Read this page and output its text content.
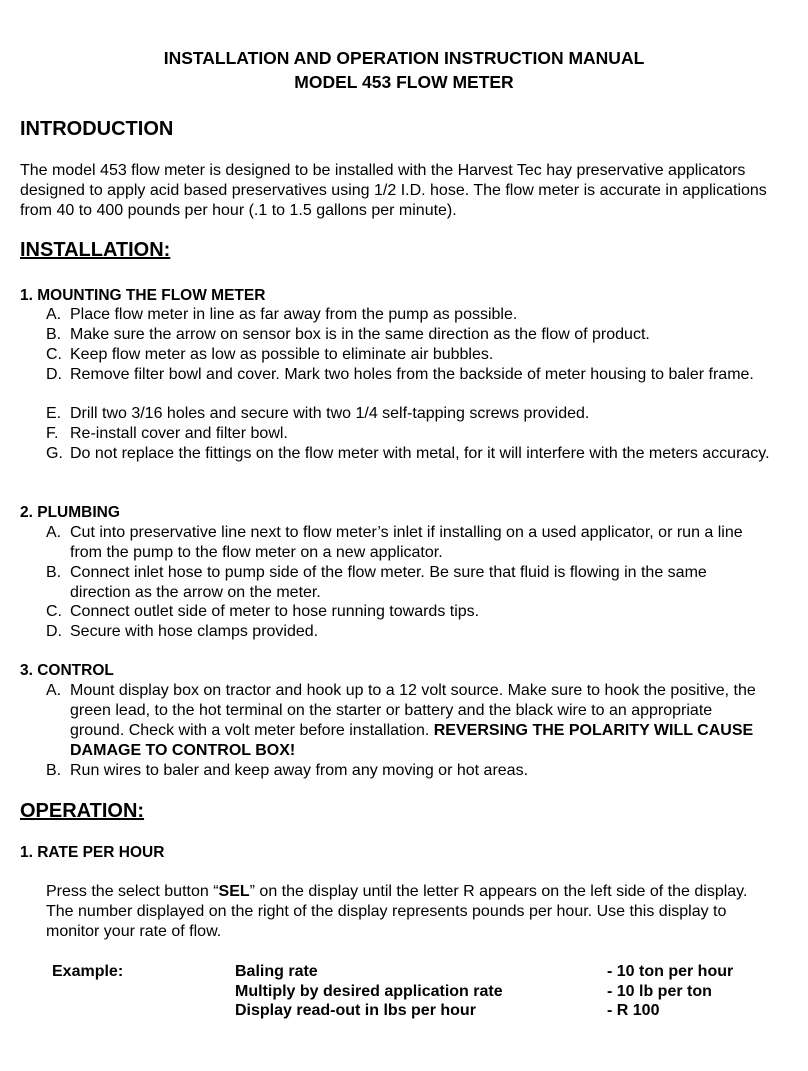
INSTALLATION AND OPERATION INSTRUCTION MANUAL
MODEL 453 FLOW METER
INTRODUCTION
The model 453 flow meter is designed to be installed with the Harvest Tec hay preservative applicators designed to apply acid based preservatives using 1/2 I.D. hose. The flow meter is accurate in applications from 40 to 400 pounds per hour (.1 to 1.5 gallons per minute).
INSTALLATION:
1. MOUNTING THE FLOW METER
A. Place flow meter in line as far away from the pump as possible.
B. Make sure the arrow on sensor box is in the same direction as the flow of product.
C. Keep flow meter as low as possible to eliminate air bubbles.
D. Remove filter bowl and cover. Mark two holes from the backside of meter housing to baler frame.
E. Drill two 3/16 holes and secure with two 1/4 self-tapping screws provided.
F. Re-install cover and filter bowl.
G. Do not replace the fittings on the flow meter with metal, for it will interfere with the meters accuracy.
2. PLUMBING
A. Cut into preservative line next to flow meter’s inlet if installing on a used applicator, or run a line from the pump to the flow meter on a new applicator.
B. Connect inlet hose to pump side of the flow meter. Be sure that fluid is flowing in the same direction as the arrow on the meter.
C. Connect outlet side of meter to hose running towards tips.
D. Secure with hose clamps provided.
3. CONTROL
A. Mount display box on tractor and hook up to a 12 volt source. Make sure to hook the positive, the green lead, to the hot terminal on the starter or battery and the black wire to an appropriate ground. Check with a volt meter before installation. REVERSING THE POLARITY WILL CAUSE DAMAGE TO CONTROL BOX!
B. Run wires to baler and keep away from any moving or hot areas.
OPERATION:
1. RATE PER HOUR
Press the select button “SEL” on the display until the letter R appears on the left side of the display. The number displayed on the right of the display represents pounds per hour. Use this display to monitor your rate of flow.
Example:	Baling rate	- 10 ton per hour
Multiply by desired application rate	- 10 lb per ton
Display read-out in lbs per hour	- R 100
